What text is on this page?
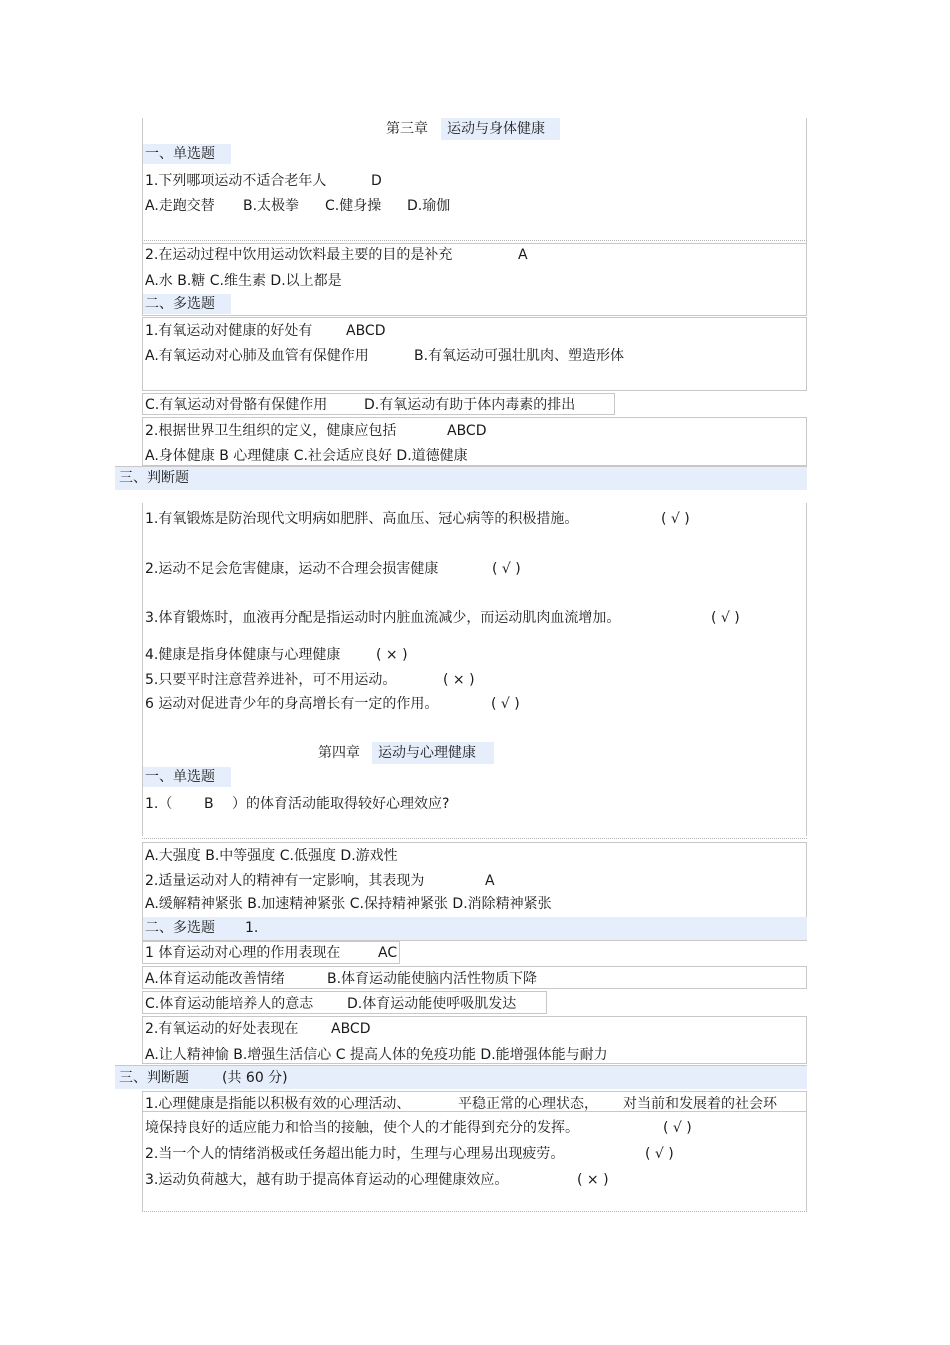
第三章 运动与身体健康
一、单选题
1.下列哪项运动不适合老年人	D
A.走跑交替 B.太极拳 C.健身操 D.瑜伽
2.在运动过程中饮用运动饮料最主要的目的是补充	A
A.水 B.糖 C.维生素 D.以上都是
二、多选题
1.有氧运动对健康的好处有 ABCD
A.有氧运动对心肺及血管有保健作用	B.有氧运动可强壮肌肉、塑造形体
C.有氧运动对骨骼有保健作用	D.有氧运动有助于体内毒素的排出
2.根据世界卫生组织的定义，健康应包括	ABCD
A.身体健康 B 心理健康 C.社会适应良好 D.道德健康
三、判断题
1.有氧锻炼是防治现代文明病如肥胖、高血压、冠心病等的积极措施。	( √ )
2.运动不足会危害健康，运动不合理会损害健康	( √ )
3.体育锻炼时，血液再分配是指运动时内脏血流减少，而运动肌肉血流增加。	( √ )
4.健康是指身体健康与心理健康	( × )
5.只要平时注意营养进补，可不用运动。	( × )
6 运动对促进青少年的身高增长有一定的作用。	( √ )
第四章 运动与心理健康
一、单选题
1.（ B ）的体育活动能取得较好心理效应?
A.大强度 B.中等强度 C.低强度 D.游戏性
2.适量运动对人的精神有一定影响，其表现为	A
A.缓解精神紧张 B.加速精神紧张 C.保持精神紧张 D.消除精神紧张
二、多选题 1.
1 体育运动对心理的作用表现在	AC
A.体育运动能改善情绪	B.体育运动能使脑内活性物质下降
C.体育运动能培养人的意志 D.体育运动能使呼吸肌发达
2.有氧运动的好处表现在 ABCD
A.让人精神愉 B.增强生活信心 C 提高人体的免疫功能 D.能增强体能与耐力
三、判断题 (共 60 分)
1.心理健康是指能以积极有效的心理活动、	平稳正常的心理状态， 对当前和发展着的社会环
境保持良好的适应能力和恰当的接触，使个人的才能得到充分的发挥。	( √ )
2.当一个人的情绪消极或任务超出能力时，生理与心理易出现疲劳。	( √ )
3.运动负荷越大，越有助于提高体育运动的心理健康效应。	( × )
